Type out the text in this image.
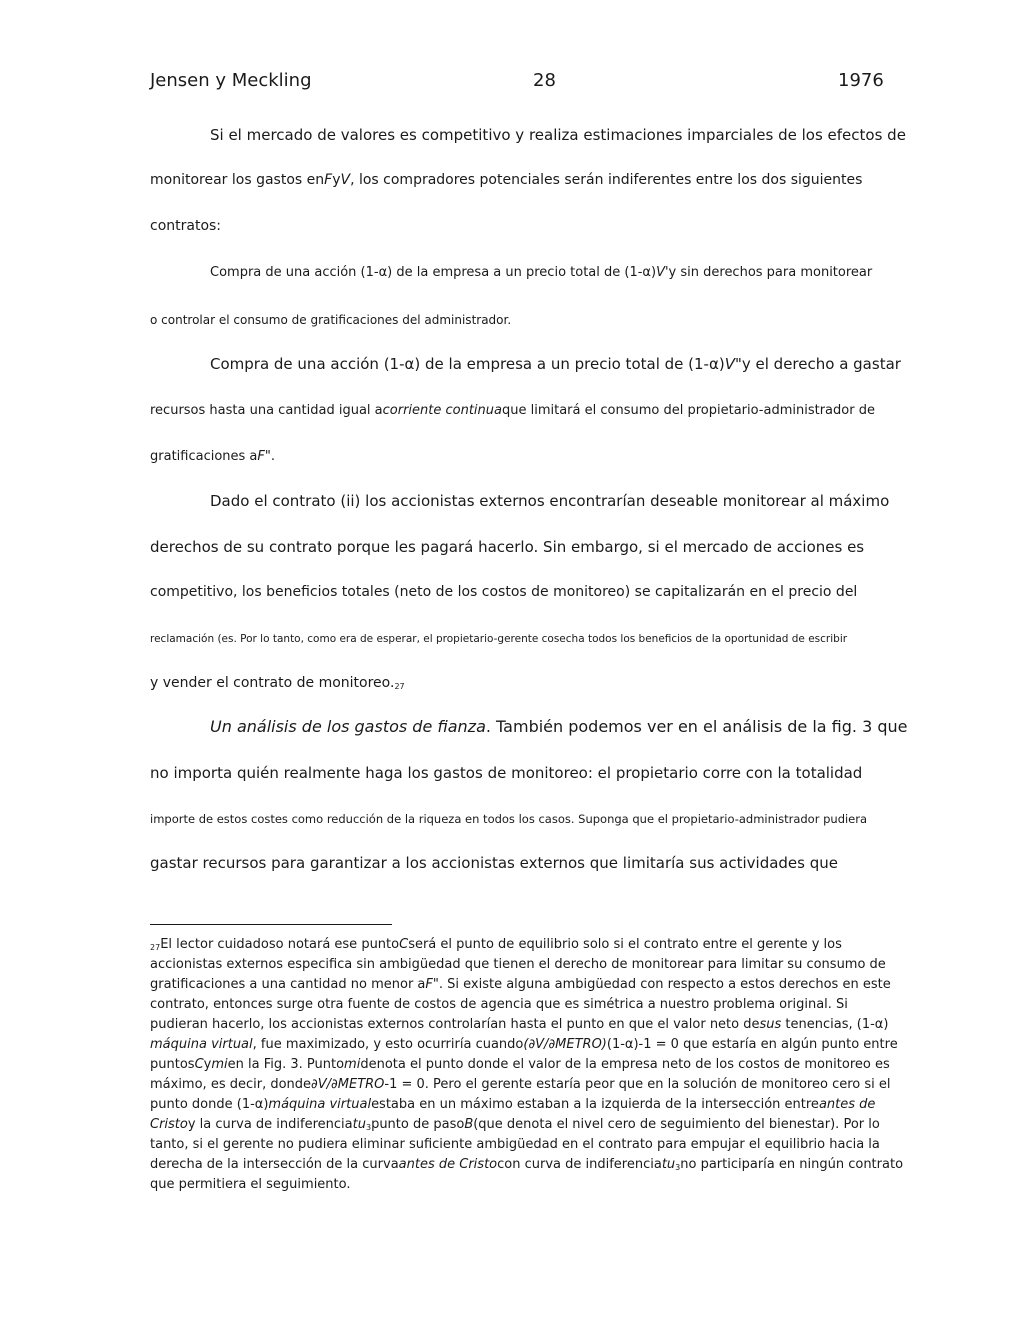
Jensen y Meckling	28	1976
Si el mercado de valores es competitivo y realiza estimaciones imparciales de los efectos de
monitorear los gastos enFyV, los compradores potenciales serán indiferentes entre los dos siguientes
contratos:
Compra de una acción (1-α) de la empresa a un precio total de (1-α)V'y sin derechos para monitorear
o controlar el consumo de gratificaciones del administrador.
Compra de una acción (1-α) de la empresa a un precio total de (1-α)V"y el derecho a gastar
recursos hasta una cantidad igual acorriente continuaque limitará el consumo del propietario-administrador de
gratificaciones aF".
Dado el contrato (ii) los accionistas externos encontrarían deseable monitorear al máximo
derechos de su contrato porque les pagará hacerlo. Sin embargo, si el mercado de acciones es
competitivo, los beneficios totales (neto de los costos de monitoreo) se capitalizarán en el precio del
reclamación (es. Por lo tanto, como era de esperar, el propietario-gerente cosecha todos los beneficios de la oportunidad de escribir
y vender el contrato de monitoreo.27
Un análisis de los gastos de fianza. También podemos ver en el análisis de la fig. 3 que
no importa quién realmente haga los gastos de monitoreo: el propietario corre con la totalidad
importe de estos costes como reducción de la riqueza en todos los casos. Suponga que el propietario-administrador pudiera
gastar recursos para garantizar a los accionistas externos que limitaría sus actividades que
27El lector cuidadoso notará ese puntoCserá el punto de equilibrio solo si el contrato entre el gerente y los
accionistas externos especifica sin ambigüedad que tienen el derecho de monitorear para limitar su consumo de
gratificaciones a una cantidad no menor aF". Si existe alguna ambigüedad con respecto a estos derechos en este
contrato, entonces surge otra fuente de costos de agencia que es simétrica a nuestro problema original. Si
pudieran hacerlo, los accionistas externos controlarían hasta el punto en que el valor neto desus tenencias, (1-α)
máquina virtual, fue maximizado, y esto ocurriría cuando(∂V/∂METRO)(1-α)-1 = 0 que estaría en algún punto entre
puntosCymien la Fig. 3. Puntomidenota el punto donde el valor de la empresa neto de los costos de monitoreo es
máximo, es decir, donde∂V/∂METRO-1 = 0. Pero el gerente estaría peor que en la solución de monitoreo cero si el
punto donde (1-α)máquina virtualestaba en un máximo estaban a la izquierda de la intersección entreantes de
Cristoy la curva de indiferenciatu3punto de pasoB(que denota el nivel cero de seguimiento del bienestar). Por lo
tanto, si el gerente no pudiera eliminar suficiente ambigüedad en el contrato para empujar el equilibrio hacia la
derecha de la intersección de la curvaantes de Cristocon curva de indiferenciatu3no participaría en ningún contrato
que permitiera el seguimiento.
